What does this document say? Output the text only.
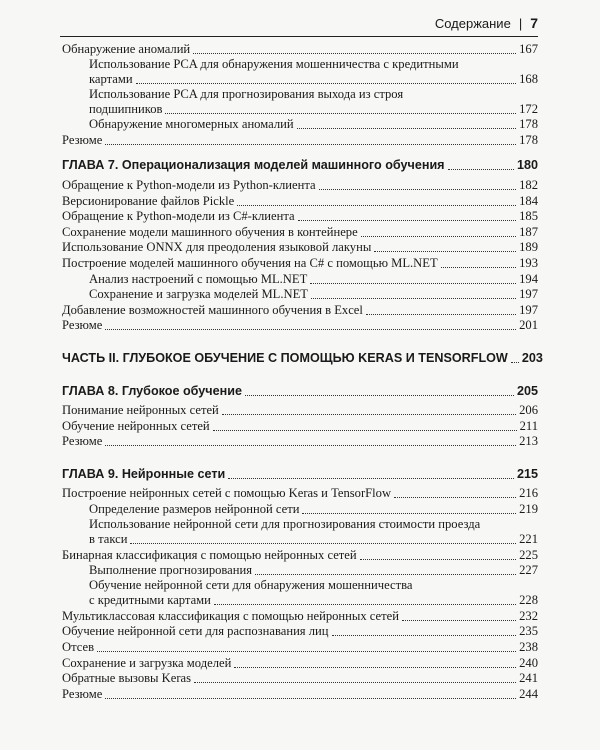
Содержание | 7
Обнаружение аномалий	167
Использование PCA для обнаружения мошенничества с кредитными
картами	168
Использование PCA для прогнозирования выхода из строя
подшипников	172
Обнаружение многомерных аномалий	178
Резюме	178
ГЛАВА 7. Операционализация моделей машинного обучения	180
Обращение к Python-модели из Python-клиента	182
Версионирование файлов Pickle	184
Обращение к Python-модели из C#-клиента	185
Сохранение модели машинного обучения в контейнере	187
Использование ONNX для преодоления языковой лакуны	189
Построение моделей машинного обучения на C# с помощью ML.NET	193
Анализ настроений с помощью ML.NET	194
Сохранение и загрузка моделей ML.NET	197
Добавление возможностей машинного обучения в Excel	197
Резюме	201
ЧАСТЬ II. ГЛУБОКОЕ ОБУЧЕНИЕ С ПОМОЩЬЮ KERAS И TENSORFLOW 203
ГЛАВА 8. Глубокое обучение	205
Понимание нейронных сетей	206
Обучение нейронных сетей	211
Резюме	213
ГЛАВА 9. Нейронные сети	215
Построение нейронных сетей с помощью Keras и TensorFlow	216
Определение размеров нейронной сети	219
Использование нейронной сети для прогнозирования стоимости проезда
в такси	221
Бинарная классификация с помощью нейронных сетей	225
Выполнение прогнозирования	227
Обучение нейронной сети для обнаружения мошенничества
с кредитными картами	228
Мультиклассовая классификация с помощью нейронных сетей	232
Обучение нейронной сети для распознавания лиц	235
Отсев	238
Сохранение и загрузка моделей	240
Обратные вызовы Keras	241
Резюме	244
